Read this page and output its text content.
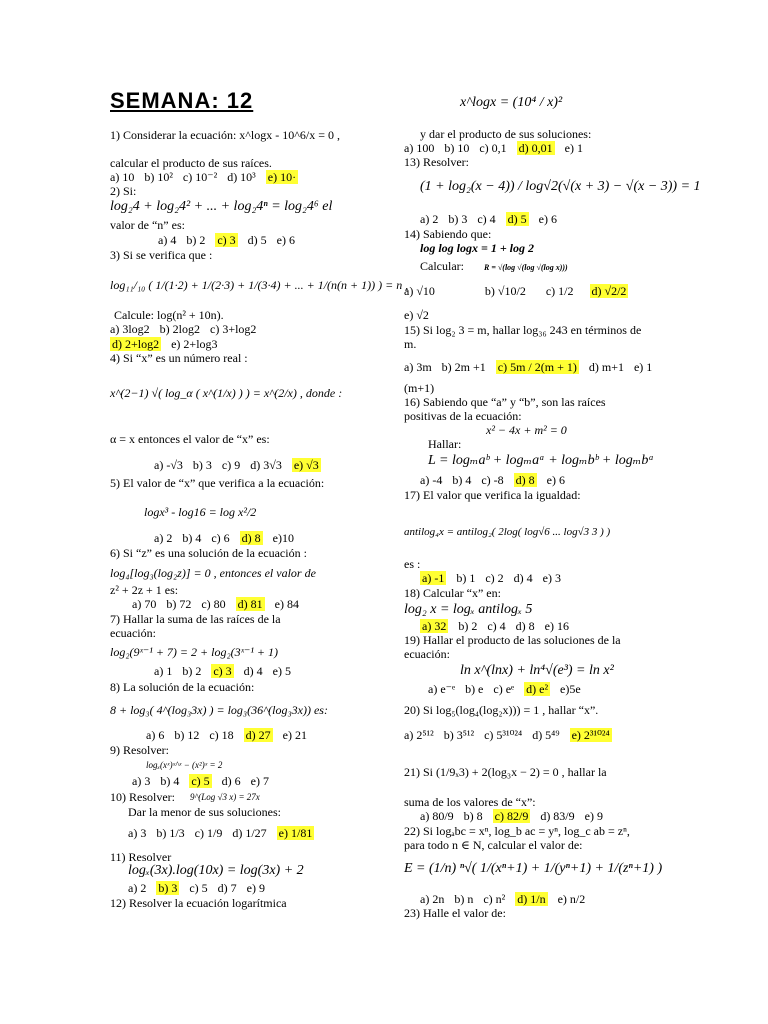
SEMANA: 12
1) Considerar la ecuación: x^logx - 10^6/x = 0 ,
calcular el producto de sus raíces.
a) 10 b) 10² c) 10⁻² d) 10³ e) 10·
2) Si:
log₂4 + log₂4² + ... + log₂4ⁿ = log₂4⁶ el
valor de “n” es:
a) 4 b) 2 c) 3 d) 5 e) 6
3) Si se verifica que :
log₁₁/₁₀ ( 1/(1·2) + 1/(2·3) + 1/(3·4) + ... + 1/(n(n + 1)) ) = n ,
Calcule: log(n² + 10n).
a) 3log2 b) 2log2 c) 3+log2
d) 2+log2 e) 2+log3
4) Si “x” es un número real :
x^(2−1) √( log_α ( x^(1/x) ) ) = x^(2/x) , donde :
α = x entonces el valor de “x” es:
a) -√3 b) 3 c) 9 d) 3√3 e) √3
5) El valor de “x” que verifica a la ecuación:
logx³ - log16 = log x²/2
a) 2 b) 4 c) 6 d) 8 e)10
6) Si “z” es una solución de la ecuación :
log₄[log₃(log₂z)] = 0 , entonces el valor de
z² + 2z + 1 es:
a) 70 b) 72 c) 80 d) 81 e) 84
7) Hallar la suma de las raíces de la
ecuación:
log₂(9ˣ⁻¹ + 7) = 2 + log₂(3ˣ⁻¹ + 1)
a) 1 b) 2 c) 3 d) 4 e) 5
8) La solución de la ecuación:
8 + log₃( 4^(log₃3x) ) = log₃(36^(log₃3x)) es:
a) 6 b) 12 c) 18 d) 27 e) 21
9) Resolver:
logₓ(xˣ)ˣ^ˣ − (x²)ˣ = 2
a) 3 b) 4 c) 5 d) 6 e) 7
10) Resolver: 9^(Log √3 x) = 27x
Dar la menor de sus soluciones:
a) 3 b) 1/3 c) 1/9 d) 1/27 e) 1/81
11) Resolver
logₓ(3x).log(10x) = log(3x) + 2
a) 2 b) 3 c) 5 d) 7 e) 9
12) Resolver la ecuación logarítmica
x^logx = (10⁴ / x)²
y dar el producto de sus soluciones:
a) 100 b) 10 c) 0,1 d) 0,01 e) 1
13) Resolver:
(1 + log₂(x − 4)) / log√2(√(x + 3) − √(x − 3)) = 1
a) 2 b) 3 c) 4 d) 5 e) 6
14) Sabiendo que:
log log logx = 1 + log 2
Calcular:	R = √(log √(log √(log x)))
a) √10	b) √10/2 c) 1/2 d) √2/2
e) √2
15) Si log₂ 3 = m, hallar log₃₆ 243 en términos de
m.
a) 3m b) 2m +1 c) 5m / 2(m + 1) d) m+1 e) 1
(m+1)
16) Sabiendo que “a” y “b”, son las raíces
positivas de la ecuación:
x² − 4x + m² = 0
Hallar:
L = logₘaᵇ + logₘaᵃ + logₘbᵇ + logₘbᵃ
a) -4 b) 4 c) -8 d) 8 e) 6
17) El valor que verifica la igualdad:
antilog₄x = antilog₂( 2log( log√6 ... log√3 3 ) )
es :
a) -1 b) 1 c) 2 d) 4 e) 3
18) Calcular “x” en:
log₂ x = logₓ antilogₓ 5
a) 32 b) 2 c) 4 d) 8 e) 16
19) Hallar el producto de las soluciones de la
ecuación:
ln x^(lnx) + ln⁴√(e³) = ln x²
a) e⁻ᵉ b) e c) eᵉ d) e² e)5e
20) Si log₅(log₄(log₂x))) = 1 , hallar “x”.
a) 2⁵¹² b) 3⁵¹² c) 5³¹⁰²⁴ d) 5⁴⁹ e) 2³¹⁰²⁴
21) Si (1/9ₓ3) + 2(log₃x − 2) = 0 , hallar la
suma de los valores de “x”:
a) 80/9 b) 8 c) 82/9 d) 83/9 e) 9
22) Si logₐbc = xⁿ, log_b ac = yⁿ, log_c ab = zⁿ,
para todo n ∈ N, calcular el valor de:
E = (1/n) ⁿ√( 1/(xⁿ+1) + 1/(yⁿ+1) + 1/(zⁿ+1) )
a) 2n b) n c) n² d) 1/n e) n/2
23) Halle el valor de:
